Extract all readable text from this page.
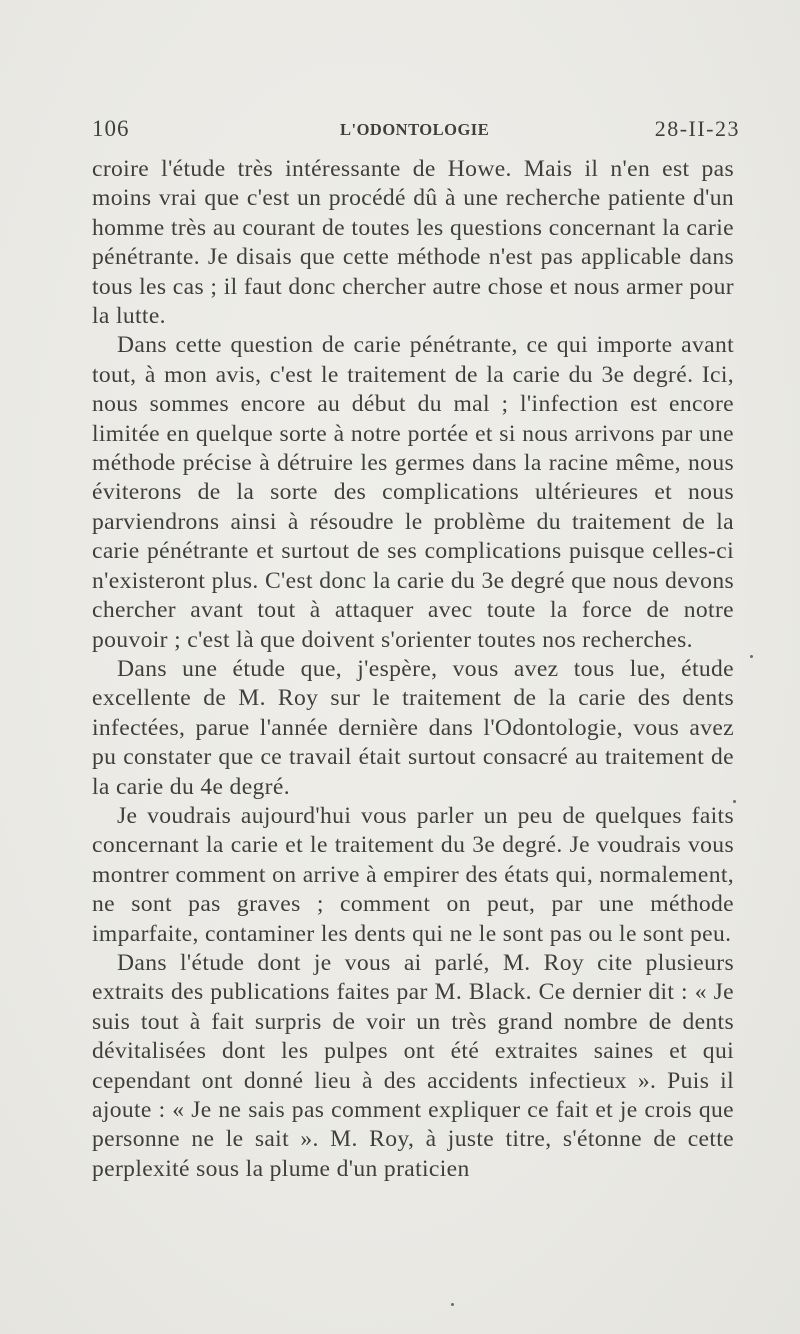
106	L'ODONTOLOGIE	28-II-23

croire l'étude très intéressante de Howe. Mais il n'en est pas moins vrai que c'est un procédé dû à une recherche patiente d'un homme très au courant de toutes les questions concernant la carie pénétrante. Je disais que cette méthode n'est pas applicable dans tous les cas ; il faut donc chercher autre chose et nous armer pour la lutte.

Dans cette question de carie pénétrante, ce qui importe avant tout, à mon avis, c'est le traitement de la carie du 3e degré. Ici, nous sommes encore au début du mal ; l'infection est encore limitée en quelque sorte à notre portée et si nous arrivons par une méthode précise à détruire les germes dans la racine même, nous éviterons de la sorte des complications ultérieures et nous parviendrons ainsi à résoudre le problème du traitement de la carie pénétrante et surtout de ses complications puisque celles-ci n'existeront plus. C'est donc la carie du 3e degré que nous devons chercher avant tout à attaquer avec toute la force de notre pouvoir ; c'est là que doivent s'orienter toutes nos recherches.

Dans une étude que, j'espère, vous avez tous lue, étude excellente de M. Roy sur le traitement de la carie des dents infectées, parue l'année dernière dans l'Odontologie, vous avez pu constater que ce travail était surtout consacré au traitement de la carie du 4e degré.

Je voudrais aujourd'hui vous parler un peu de quelques faits concernant la carie et le traitement du 3e degré. Je voudrais vous montrer comment on arrive à empirer des états qui, normalement, ne sont pas graves ; comment on peut, par une méthode imparfaite, contaminer les dents qui ne le sont pas ou le sont peu.

Dans l'étude dont je vous ai parlé, M. Roy cite plusieurs extraits des publications faites par M. Black. Ce dernier dit : « Je suis tout à fait surpris de voir un très grand nombre de dents dévitalisées dont les pulpes ont été extraites saines et qui cependant ont donné lieu à des accidents infectieux ». Puis il ajoute : « Je ne sais pas comment expliquer ce fait et je crois que personne ne le sait ». M. Roy, à juste titre, s'étonne de cette perplexité sous la plume d'un praticien
